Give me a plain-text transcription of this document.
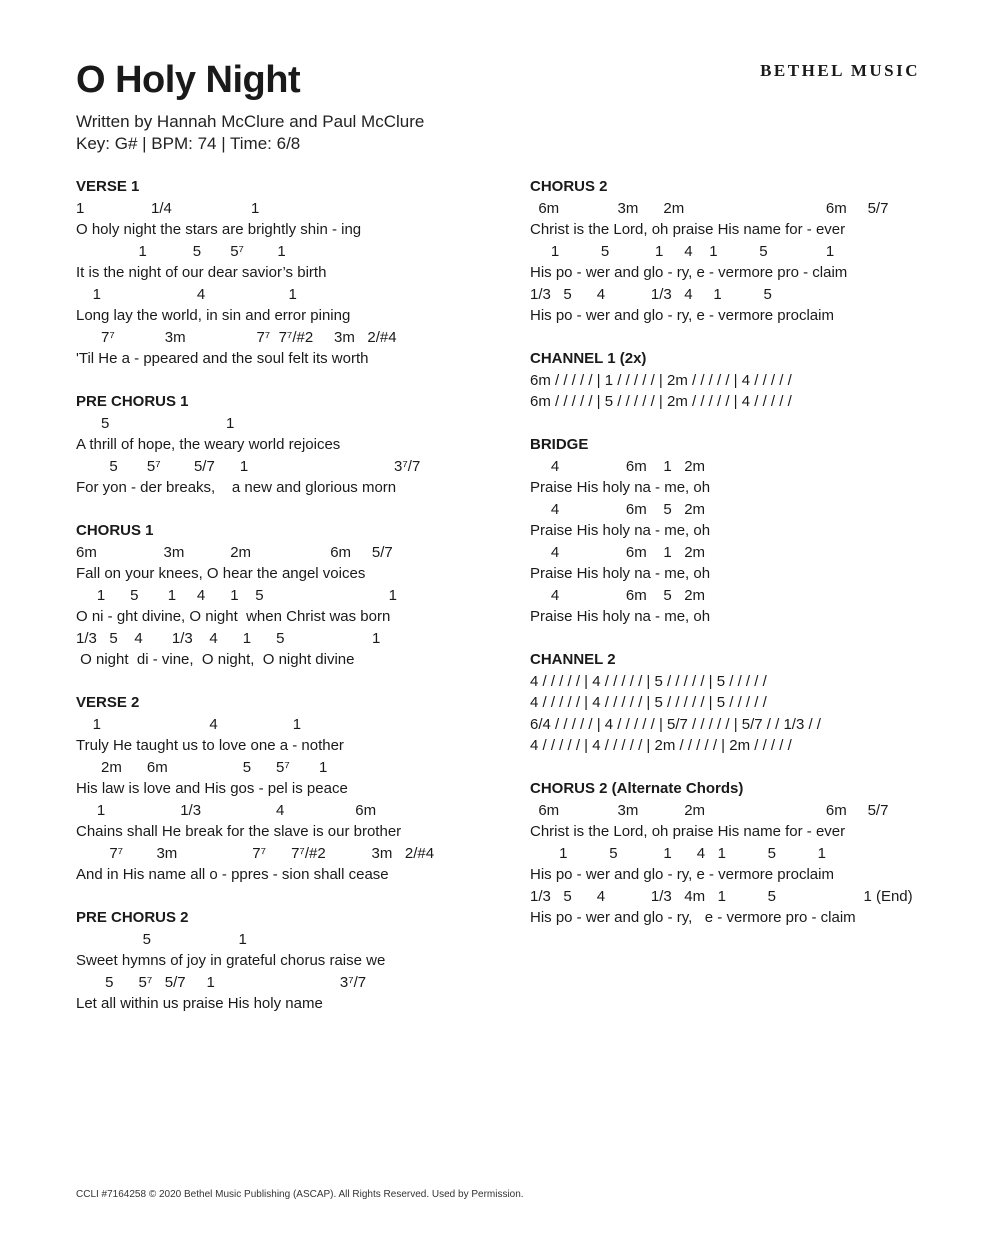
O Holy Night	BETHEL MUSIC
Written by Hannah McClure and Paul McClure
Key: G# | BPM: 74 | Time: 6/8
VERSE 1
1                1/4                   1
O holy night the stars are brightly shin - ing
1           5       5⁷        1
It is the night of our dear savior’s birth
1                       4                    1
Long lay the world, in sin and error pining
7⁷            3m                 7⁷  7⁷/#2     3m   2/#4
'Til He a - ppeared and the soul felt its worth
PRE CHORUS 1
5                            1
A thrill of hope, the weary world rejoices
5       5⁷        5/7      1                                   3⁷/7
For yon - der breaks,    a new and glorious morn
CHORUS 1
6m                3m           2m                   6m     5/7
Fall on your knees, O hear the angel voices
1      5       1     4      1    5                              1
O ni - ght divine, O night  when Christ was born
1/3   5    4       1/3    4      1      5                     1
O night  di - vine,  O night,  O night divine
VERSE 2
1                          4                  1
Truly He taught us to love one a - nother
2m      6m                  5      5⁷       1
His law is love and His gos - pel is peace
1                  1/3                  4                 6m
Chains shall He break for the slave is our brother
7⁷        3m                  7⁷      7⁷/#2           3m   2/#4
And in His name all o - ppres - sion shall cease
PRE CHORUS 2
5                     1
Sweet hymns of joy in grateful chorus raise we
5      5⁷   5/7     1                              3⁷/7
Let all within us praise His holy name
CHORUS 2
6m              3m      2m                                  6m     5/7
Christ is the Lord, oh praise His name for - ever
1          5           1     4    1          5              1
His po - wer and glo - ry, e - vermore pro - claim
1/3   5      4           1/3   4     1          5
His po - wer and glo - ry, e - vermore proclaim
CHANNEL 1 (2x)
6m / / / / / | 1 / / / / / | 2m / / / / / | 4 / / / / /
6m / / / / / | 5 / / / / / | 2m / / / / / | 4 / / / / /
BRIDGE
4                6m    1   2m
Praise His holy na - me, oh
4                6m    5   2m
Praise His holy na - me, oh
4                6m    1   2m
Praise His holy na - me, oh
4                6m    5   2m
Praise His holy na - me, oh
CHANNEL 2
4 / / / / / | 4 / / / / / | 5 / / / / / | 5 / / / / /
4 / / / / / | 4 / / / / / | 5 / / / / / | 5 / / / / /
6/4 / / / / / | 4 / / / / / | 5/7 / / / / / | 5/7 / / 1/3 / /
4 / / / / / | 4 / / / / / | 2m / / / / / | 2m / / / / /
CHORUS 2 (Alternate Chords)
6m              3m           2m                             6m     5/7
Christ is the Lord, oh praise His name for - ever
1          5           1      4   1          5          1
His po - wer and glo - ry, e - vermore proclaim
1/3   5      4           1/3   4m   1          5                     1 (End)
His po - wer and glo - ry,   e - vermore pro - claim
CCLI #7164258 © 2020 Bethel Music Publishing (ASCAP). All Rights Reserved. Used by Permission.
